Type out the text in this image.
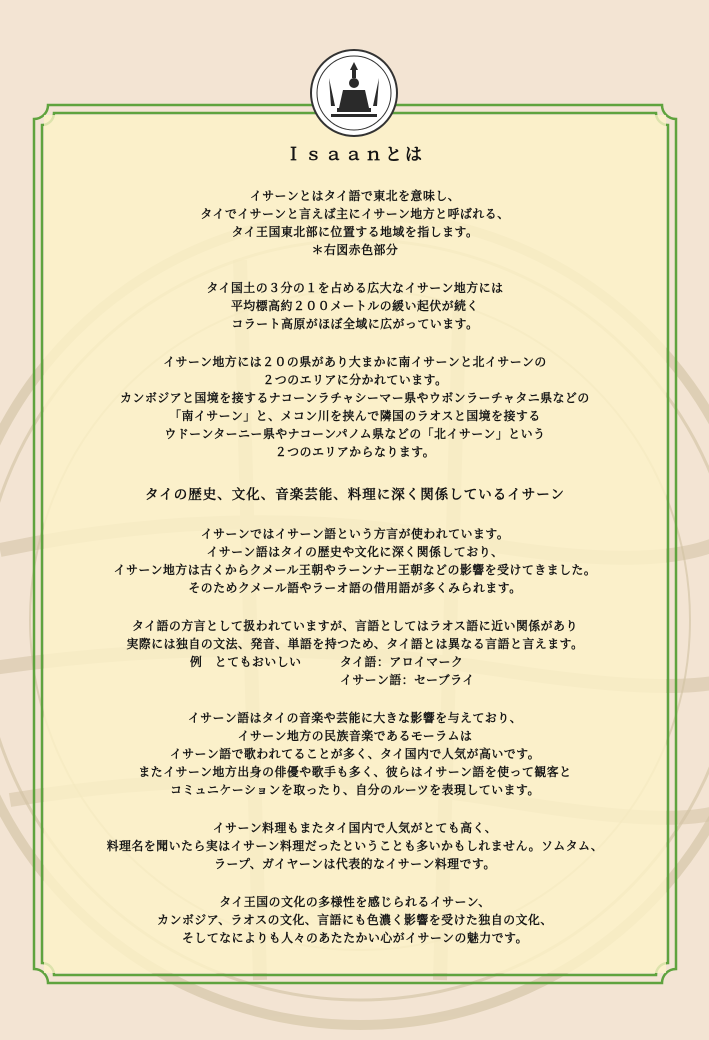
Ｉｓａａｎとは
イサーンとはタイ語で東北を意味し、
タイでイサーンと言えば主にイサーン地方と呼ばれる、
タイ王国東北部に位置する地域を指します。
＊右図赤色部分
タイ国土の３分の１を占める広大なイサーン地方には
平均標高約２００メートルの緩い起伏が続く
コラート高原がほぼ全域に広がっています。
イサーン地方には２０の県があり大まかに南イサーンと北イサーンの
２つのエリアに分かれています。
カンボジアと国境を接するナコーンラチャシーマー県やウボンラーチャタニ県などの
「南イサーン」と、メコン川を挟んで隣国のラオスと国境を接する
ウドーンターニー県やナコーンパノム県などの「北イサーン」という
２つのエリアからなります。
タイの歴史、文化、音楽芸能、料理に深く関係しているイサーン
イサーンではイサーン語という方言が使われています。
イサーン語はタイの歴史や文化に深く関係しており、
イサーン地方は古くからクメール王朝やラーンナー王朝などの影響を受けてきました。
そのためクメール語やラーオ語の借用語が多くみられます。
タイ語の方言として扱われていますが、言語としてはラオス語に近い関係があり
実際には独自の文法、発音、単語を持つため、タイ語とは異なる言語と言えます。
例　とてもおいしい	タイ語：アロイマーク
イサーン語：セーブライ
イサーン語はタイの音楽や芸能に大きな影響を与えており、
イサーン地方の民族音楽であるモーラムは
イサーン語で歌われてることが多く、タイ国内で人気が高いです。
またイサーン地方出身の俳優や歌手も多く、彼らはイサーン語を使って観客と
コミュニケーションを取ったり、自分のルーツを表現しています。
イサーン料理もまたタイ国内で人気がとても高く、
料理名を聞いたら実はイサーン料理だったということも多いかもしれません。ソムタム、
ラープ、ガイヤーンは代表的なイサーン料理です。
タイ王国の文化の多様性を感じられるイサーン、
カンボジア、ラオスの文化、言語にも色濃く影響を受けた独自の文化、
そしてなによりも人々のあたたかい心がイサーンの魅力です。
